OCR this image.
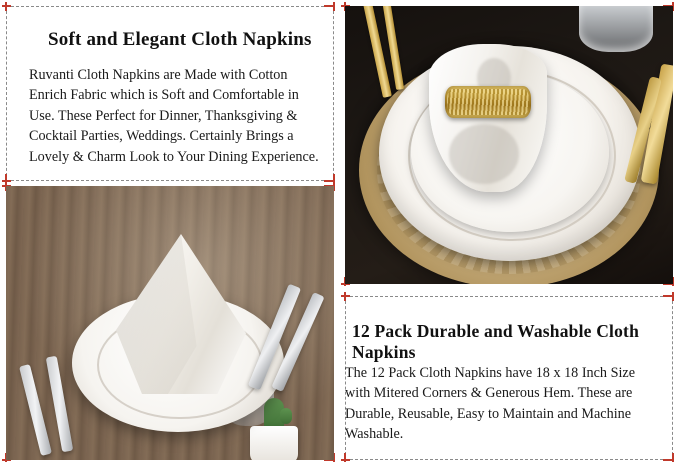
Soft and Elegant Cloth Napkins
Ruvanti Cloth Napkins are Made with Cotton Enrich Fabric which is Soft and Comfortable in Use. These Perfect for Dinner, Thanksgiving & Cocktail Parties, Weddings. Certainly Brings a Lovely & Charm Look to Your Dining Experience.
12 Pack Durable and Washable Cloth Napkins
The 12 Pack Cloth Napkins have 18 x 18 Inch Size with Mitered Corners & Generous Hem. These are Durable, Reusable, Easy to Maintain and Machine Washable.
